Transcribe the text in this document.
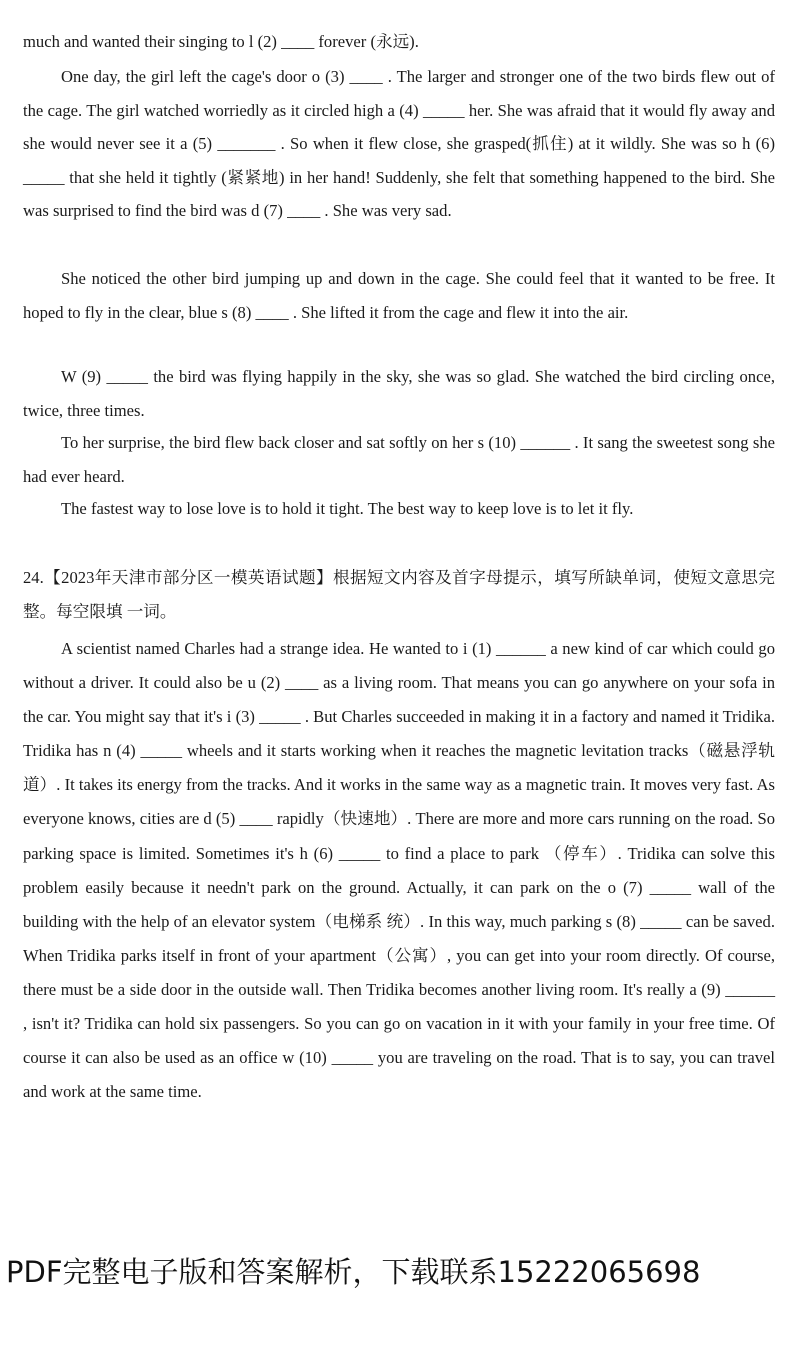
much and wanted their singing to l (2) ____ forever (永远).

One day, the girl left the cage's door o (3) ____ . The larger and stronger one of the two birds flew out of the cage. The girl watched worriedly as it circled high a (4) _____ her. She was afraid that it would fly away and she would never see it a (5) _______ . So when it flew close, she grasped(抓住) at it wildly. She was so h (6) _____ that she held it tightly (紧紧地) in her hand! Suddenly, she felt that something happened to the bird. She was surprised to find the bird was d (7) ____ . She was very sad.

She noticed the other bird jumping up and down in the cage. She could feel that it wanted to be free. It hoped to fly in the clear, blue s (8) ____ . She lifted it from the cage and flew it into the air.

W (9) _____ the bird was flying happily in the sky, she was so glad. She watched the bird circling once, twice, three times.

To her surprise, the bird flew back closer and sat softly on her s (10) ______ . It sang the sweetest song she had ever heard.

The fastest way to lose love is to hold it tight. The best way to keep love is to let it fly.

24.【2023年天津市部分区一模英语试题】根据短文内容及首字母提示，填写所缺单词，使短文意思完整。每空限填 一词。

A scientist named Charles had a strange idea. He wanted to i (1) ______ a new kind of car which could go without a driver. It could also be u (2) ____ as a living room. That means you can go anywhere on your sofa in the car. You might say that it's i (3) _____ . But Charles succeeded in making it in a factory and named it Tridika. Tridika has n (4) _____ wheels and it starts working when it reaches the magnetic levitation tracks（磁悬浮轨道）. It takes its energy from the tracks. And it works in the same way as a magnetic train. It moves very fast. As everyone knows, cities are d (5) ____ rapidly（快速地）. There are more and more cars running on the road. So parking space is limited. Sometimes it's h (6) _____ to find a place to park （停车）. Tridika can solve this problem easily because it needn't park on the ground. Actually, it can park on the o (7) _____ wall of the building with the help of an elevator system（电梯系 统）. In this way, much parking s (8) _____ can be saved. When Tridika parks itself in front of your apartment（公寓）, you can get into your room directly. Of course, there must be a side door in the outside wall. Then Tridika becomes another living room. It's really a (9) ______ , isn't it? Tridika can hold six passengers. So you can go on vacation in it with your family in your free time. Of course it can also be used as an office w (10) _____ you are traveling on the road. That is to say, you can travel and work at the same time.

PDF完整电子版和答案解析，下载联系15222065698
